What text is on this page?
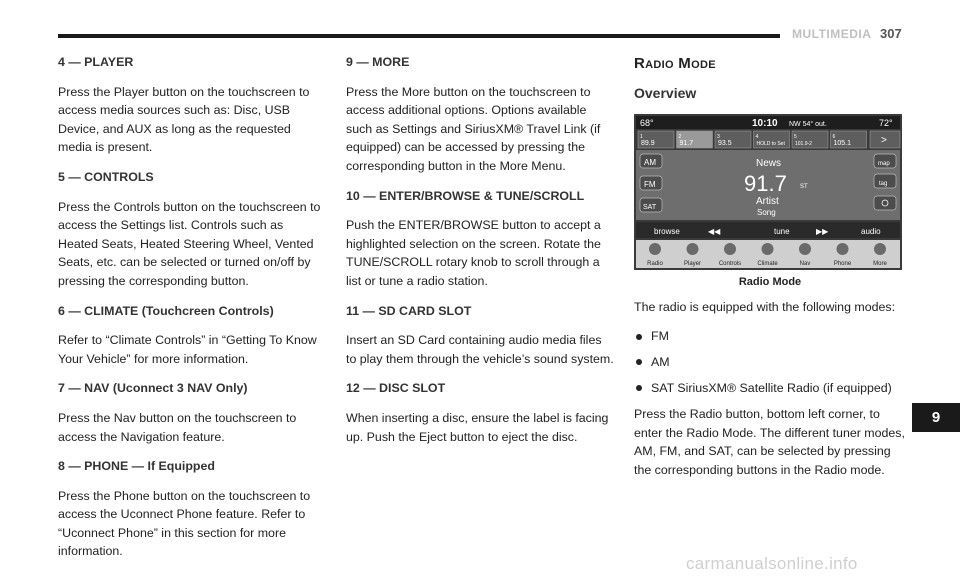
MULTIMEDIA 307
4 — PLAYER

Press the Player button on the touchscreen to access media sources such as: Disc, USB Device, and AUX as long as the requested media is present.

5 — CONTROLS

Press the Controls button on the touchscreen to access the Settings list. Controls such as Heated Seats, Heated Steering Wheel, Vented Seats, etc. can be selected or turned on/off by pressing the corresponding button.

6 — CLIMATE (Touchcreen Controls)

Refer to “Climate Controls” in “Getting To Know Your Vehicle” for more information.

7 — NAV (Uconnect 3 NAV Only)

Press the Nav button on the touchscreen to access the Navigation feature.

8 — PHONE — If Equipped

Press the Phone button on the touchscreen to access the Uconnect Phone feature. Refer to “Uconnect Phone” in this section for more information.

9 — MORE

Press the More button on the touchscreen to access additional options. Options available such as Settings and SiriusXM® Travel Link (if equipped) can be accessed by pressing the corresponding button in the More Menu.

10 — ENTER/BROWSE & TUNE/SCROLL

Push the ENTER/BROWSE button to accept a highlighted selection on the screen. Rotate the TUNE/SCROLL rotary knob to scroll through a list or tune a radio station.

11 — SD CARD SLOT

Insert an SD Card containing audio media files to play them through the vehicle’s sound system.

12 — DISC SLOT

When inserting a disc, ensure the label is facing up. Push the Eject button to eject the disc.

Radio Mode
Overview
68°	10:10 NW 54° out.	72°
1
89.9
2
91.7
3
93.5
4
HOLD to Set
5
101.9-2
6
105.1	>
AM
FM
SAT
News
91.7 ST
Artist
Song
map
tag
browse	◀◀	tune	▶▶	audio
Radio	Player	Controls	Climate	Nav	Phone	More
Radio Mode

The radio is equipped with the following modes:

FM
AM
SAT SiriusXM® Satellite Radio (if equipped)

Press the Radio button, bottom left corner, to enter the Radio Mode. The different tuner modes, AM, FM, and SAT, can be selected by pressing the corresponding buttons in the Radio mode.

9
carmanualsonline.info
